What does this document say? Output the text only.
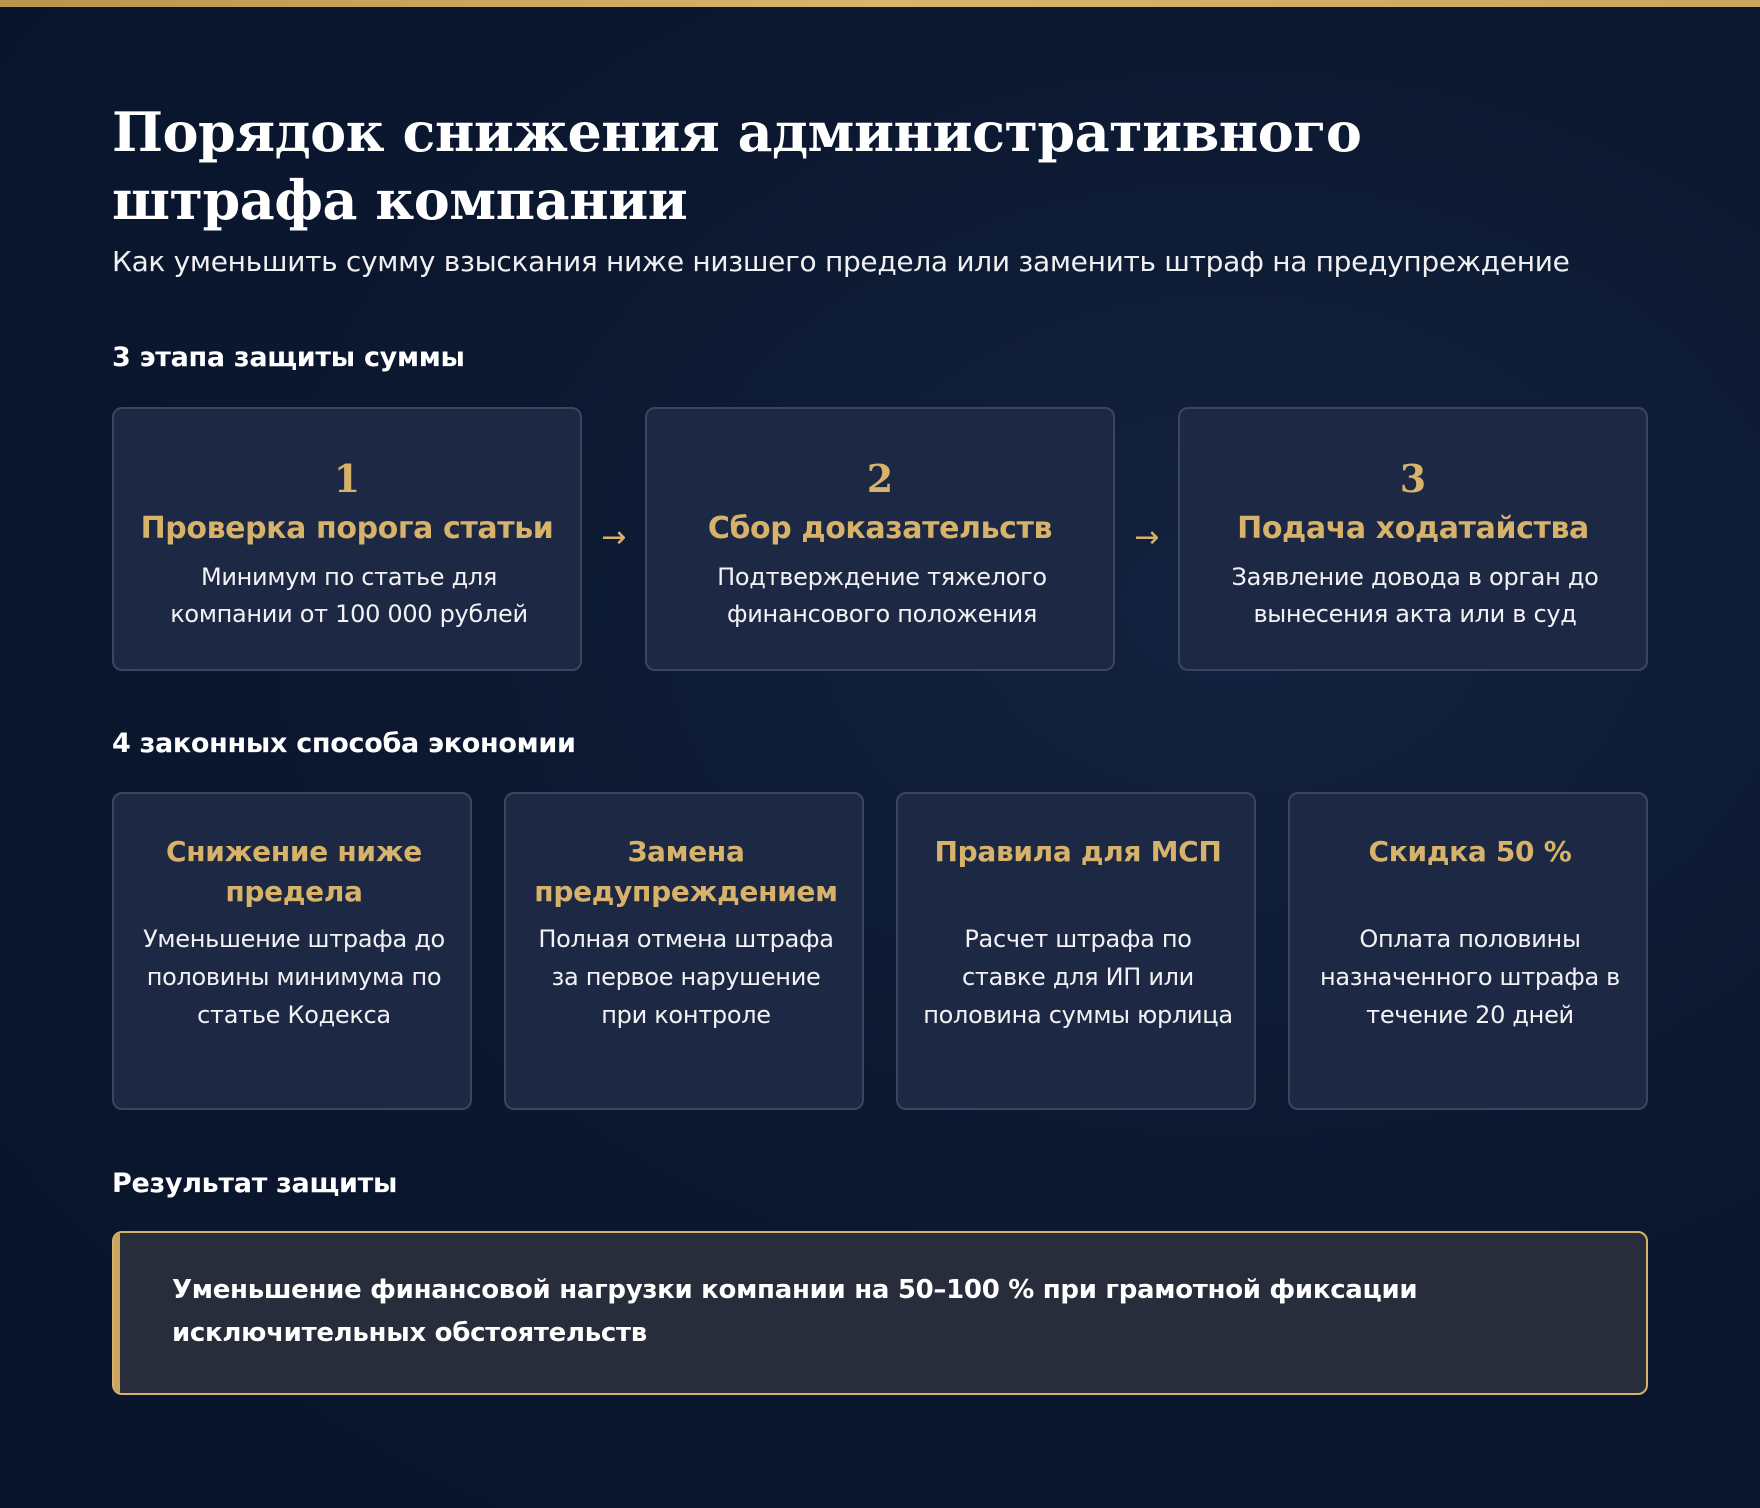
Порядок снижения административного штрафа компании

Как уменьшить сумму взыскания ниже низшего предела или заменить штраф на предупреждение

3 этапа защиты суммы
1
Проверка порога статьи
Минимум по статье для компании от 100 000 рублей
→
2
Сбор доказательств
Подтверждение тяжелого финансового положения
→
3
Подача ходатайства
Заявление довода в орган до вынесения акта или в суд
4 законных способа экономии
Снижение ниже предела
Уменьшение штрафа до половины минимума по статье Кодекса
Замена предупреждением
Полная отмена штрафа за первое нарушение при контроле
Правила для МСП
Расчет штрафа по ставке для ИП или половина суммы юрлица
Скидка 50 %
Оплата половины назначенного штрафа в течение 20 дней
Результат защиты
Уменьшение финансовой нагрузки компании на 50–100 % при грамотной фиксации исключительных обстоятельств
